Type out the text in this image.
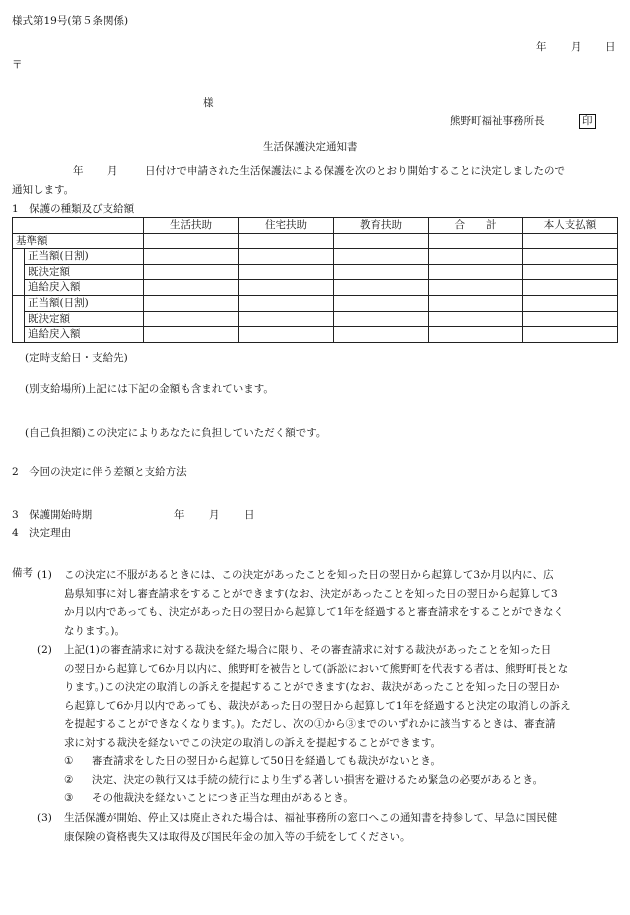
様式第19号(第５条関係)
年 月 日
〒
様
熊野町福祉事務所長	印
生活保護決定通知書
年 月	日付けで申請された生活保護法による保護を次のとおり開始することに決定しましたので
通知します。
1　保護の種類及び支給額
		生活扶助	住宅扶助	教育扶助	合　　計	本人支払額
基準額						
	正当額(日割)					
	既決定額					
	追給戻入額					
	正当額(日割)					
	既決定額					
	追給戻入額					
(定時支給日・支給先)
(別支給場所)上記には下記の金額も含まれています。
(自己負担額)この決定によりあなたに負担していただく額です。
2　今回の決定に伴う差額と支給方法
3　保護開始時期	年 月 日
4　決定理由
備考 (1) この決定に不服があるときには、この決定があったことを知った日の翌日から起算して3か月以内に、広
島県知事に対し審査請求をすることができます(なお、決定があったことを知った日の翌日から起算して3
か月以内であっても、決定があった日の翌日から起算して1年を経過すると審査請求をすることができなく
なります。)。
(2) 上記(1)の審査請求に対する裁決を経た場合に限り、その審査請求に対する裁決があったことを知った日
の翌日から起算して6か月以内に、熊野町を被告として(訴訟において熊野町を代表する者は、熊野町長とな
ります。)この決定の取消しの訴えを提起することができます(なお、裁決があったことを知った日の翌日か
ら起算して6か月以内であっても、裁決があった日の翌日から起算して1年を経過すると決定の取消しの訴え
を提起することができなくなります。)。ただし、次の①から③までのいずれかに該当するときは、審査請
求に対する裁決を経ないでこの決定の取消しの訴えを提起することができます。
① 審査請求をした日の翌日から起算して50日を経過しても裁決がないとき。
② 決定、決定の執行又は手続の続行により生ずる著しい損害を避けるため緊急の必要があるとき。
③ その他裁決を経ないことにつき正当な理由があるとき。
(3) 生活保護が開始、停止又は廃止された場合は、福祉事務所の窓口へこの通知書を持参して、早急に国民健
康保険の資格喪失又は取得及び国民年金の加入等の手続をしてください。
